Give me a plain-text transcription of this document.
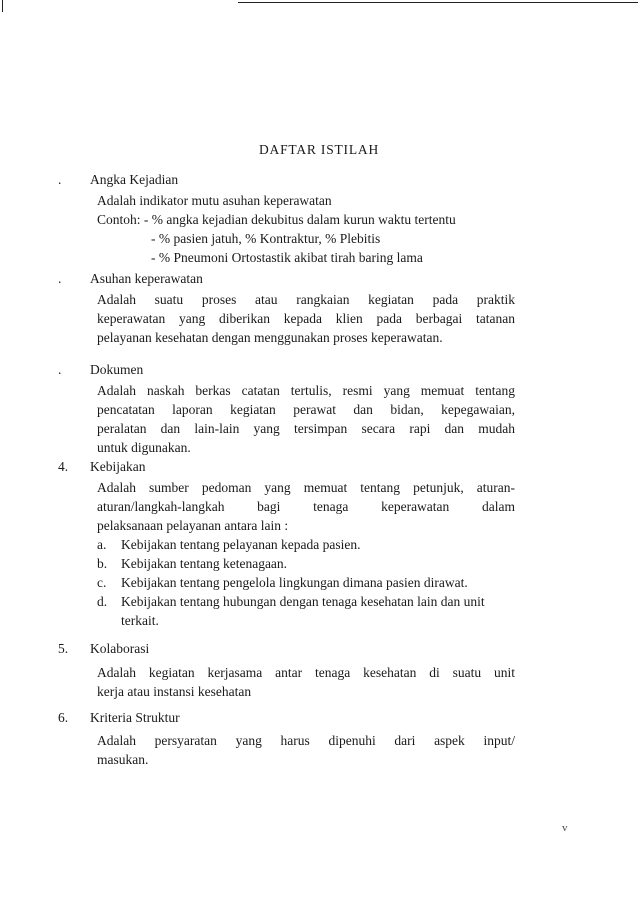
DAFTAR ISTILAH
. Angka Kejadian
Adalah indikator mutu asuhan keperawatan
Contoh: - % angka kejadian dekubitus dalam kurun waktu tertentu
- % pasien jatuh, % Kontraktur, % Plebitis
- % Pneumoni Ortostastik akibat tirah baring lama
. Asuhan keperawatan
Adalah suatu proses atau rangkaian kegiatan pada praktik
keperawatan yang diberikan kepada klien pada berbagai tatanan
pelayanan kesehatan dengan menggunakan proses keperawatan.
. Dokumen
Adalah naskah berkas catatan tertulis, resmi yang memuat tentang
pencatatan laporan kegiatan perawat dan bidan, kepegawaian,
peralatan dan lain-lain yang tersimpan secara rapi dan mudah
untuk digunakan.
4. Kebijakan
Adalah sumber pedoman yang memuat tentang petunjuk, aturan-
aturan/langkah-langkah bagi tenaga keperawatan dalam
pelaksanaan pelayanan antara lain :
a. Kebijakan tentang pelayanan kepada pasien.
b. Kebijakan tentang ketenagaan.
c. Kebijakan tentang pengelola lingkungan dimana pasien dirawat.
d. Kebijakan tentang hubungan dengan tenaga kesehatan lain dan unit terkait.
5. Kolaborasi
Adalah kegiatan kerjasama antar tenaga kesehatan di suatu unit
kerja atau instansi kesehatan
6. Kriteria Struktur
Adalah persyaratan yang harus dipenuhi dari aspek input/
masukan.
v
